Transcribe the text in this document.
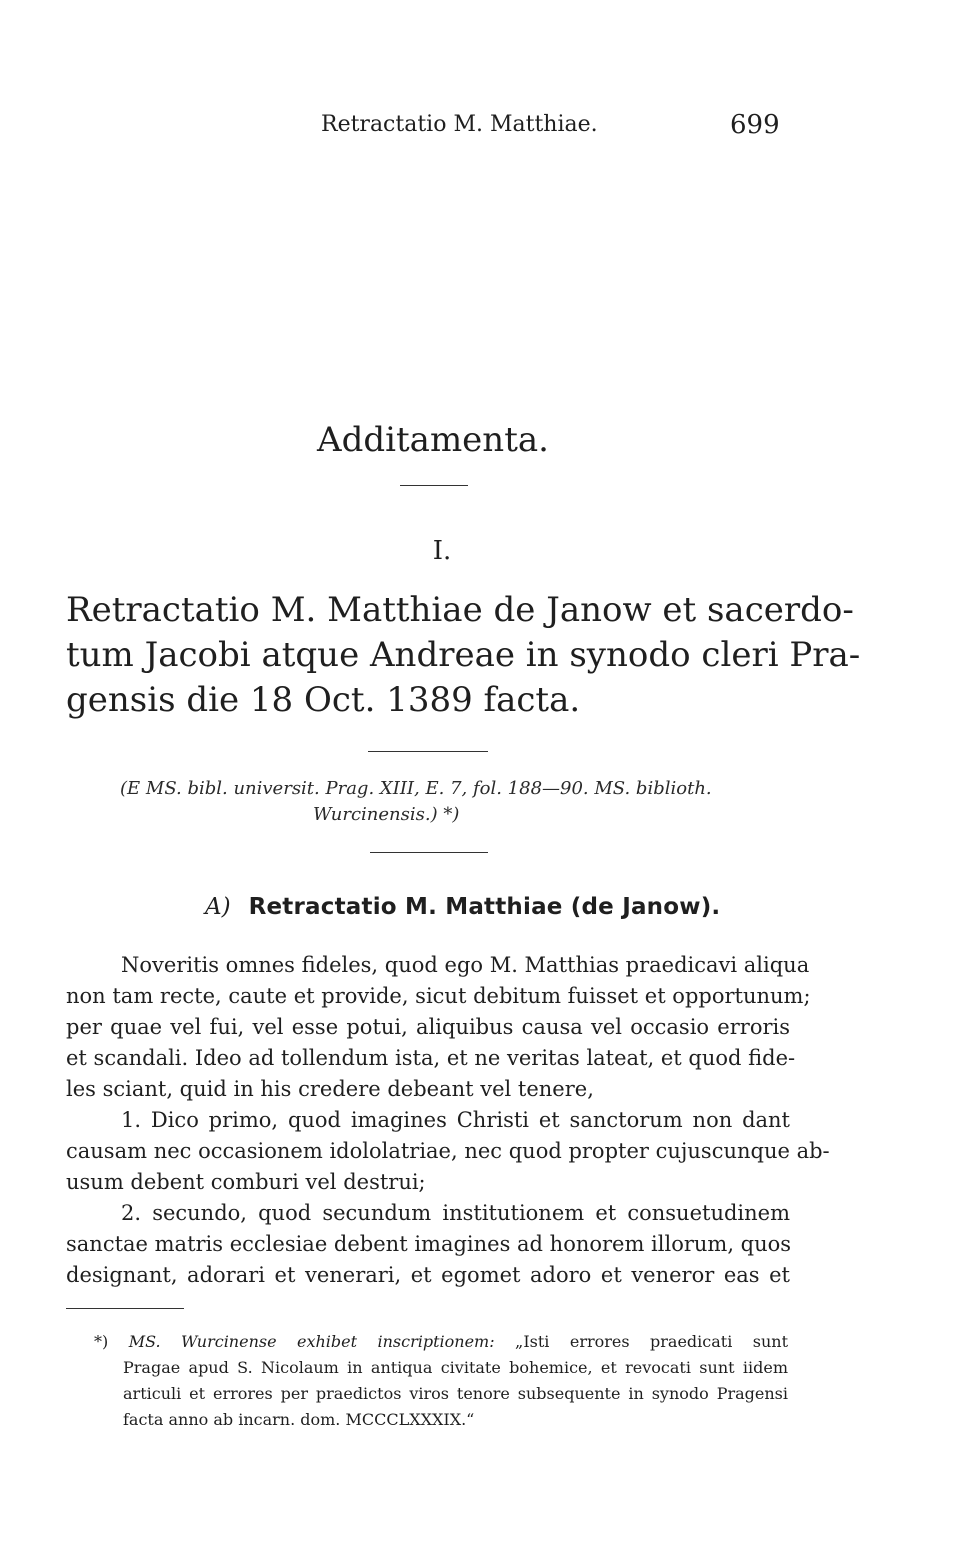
Retractatio M. Matthiae.	699
Additamenta.
I.
Retractatio M. Matthiae de Janow et sacerdo-
tum Jacobi atque Andreae in synodo cleri Pra-
gensis die 18 Oct. 1389 facta.
(E MS. bibl. universit. Prag. XIII, E. 7, fol. 188—90. MS. biblioth.
Wurcinensis.) *)
A) Retractatio M. Matthiae (de Janow).
Noveritis omnes fideles, quod ego M. Matthias praedicavi aliqua
non tam recte, caute et provide, sicut debitum fuisset et opportunum;
per quae vel fui, vel esse potui, aliquibus causa vel occasio erroris
et scandali. Ideo ad tollendum ista, et ne veritas lateat, et quod fide-
les sciant, quid in his credere debeant vel tenere,
1. Dico primo, quod imagines Christi et sanctorum non dant
causam nec occasionem idololatriae, nec quod propter cujuscunque ab-
usum debent comburi vel destrui;
2. secundo, quod secundum institutionem et consuetudinem
sanctae matris ecclesiae debent imagines ad honorem illorum, quos
designant, adorari et venerari, et egomet adoro et veneror eas et
*) MS. Wurcinense exhibet inscriptionem: „Isti errores praedicati sunt
Pragae apud S. Nicolaum in antiqua civitate bohemice, et revocati sunt iidem
articuli et errores per praedictos viros tenore subsequente in synodo Pragensi
facta anno ab incarn. dom. MCCCLXXXIX.“
